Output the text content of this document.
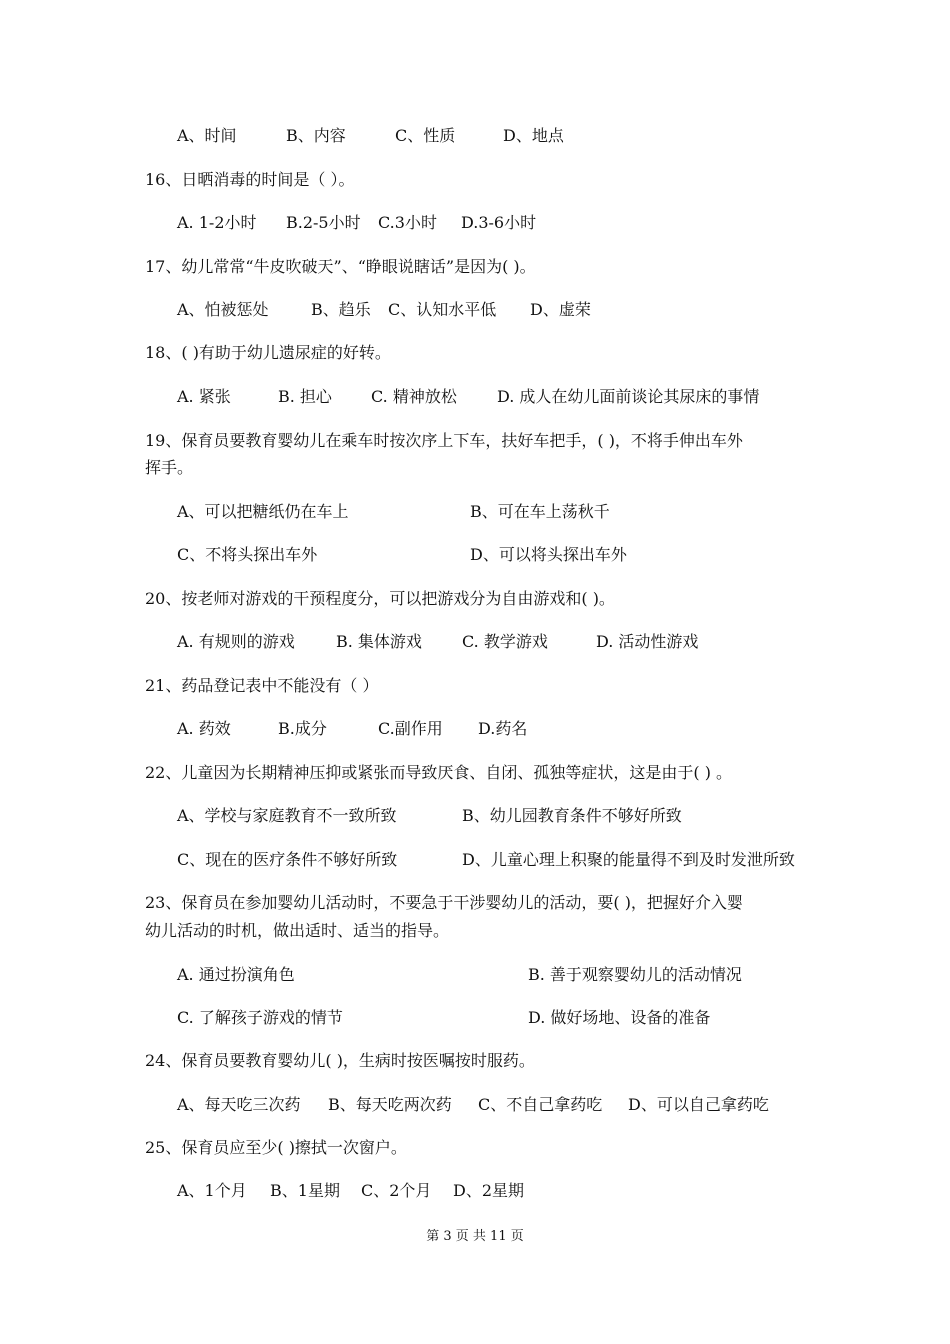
A、时间	B、内容	C、性质	D、地点
16、日晒消毒的时间是（ ）。
A. 1-2小时 B.2-5小时 C.3小时 D.3-6小时
17、幼儿常常“牛皮吹破天”、“睁眼说瞎话”是因为( )。
A、怕被惩处	B、趋乐 C、认知水平低 D、虚荣
18、( )有助于幼儿遗尿症的好转。
A. 紧张	B. 担心 C. 精神放松	D. 成人在幼儿面前谈论其尿床的事情
19、保育员要教育婴幼儿在乘车时按次序上下车，扶好车把手，( )，不将手伸出车外
挥手。
A、可以把糖纸仍在车上	B、可在车上荡秋千
C、不将头探出车外	D、可以将头探出车外
20、按老师对游戏的干预程度分，可以把游戏分为自由游戏和( )。
A. 有规则的游戏	B. 集体游戏	C. 教学游戏	D. 活动性游戏
21、药品登记表中不能没有（ ）
A. 药效	B.成分	C.副作用 D.药名
22、儿童因为长期精神压抑或紧张而导致厌食、自闭、孤独等症状，这是由于( ) 。
A、学校与家庭教育不一致所致	B、幼儿园教育条件不够好所致
C、现在的医疗条件不够好所致	D、儿童心理上积聚的能量得不到及时发泄所致
23、保育员在参加婴幼儿活动时，不要急于干涉婴幼儿的活动，要( )，把握好介入婴
幼儿活动的时机，做出适时、适当的指导。
A. 通过扮演角色	B. 善于观察婴幼儿的活动情况
C. 了解孩子游戏的情节	D. 做好场地、设备的准备
24、保育员要教育婴幼儿( )，生病时按医嘱按时服药。
A、每天吃三次药 B、每天吃两次药 C、不自己拿药吃 D、可以自己拿药吃
25、保育员应至少( )擦拭一次窗户。
A、1个月 B、1星期 C、2个月 D、2星期
第 3 页 共 11 页
